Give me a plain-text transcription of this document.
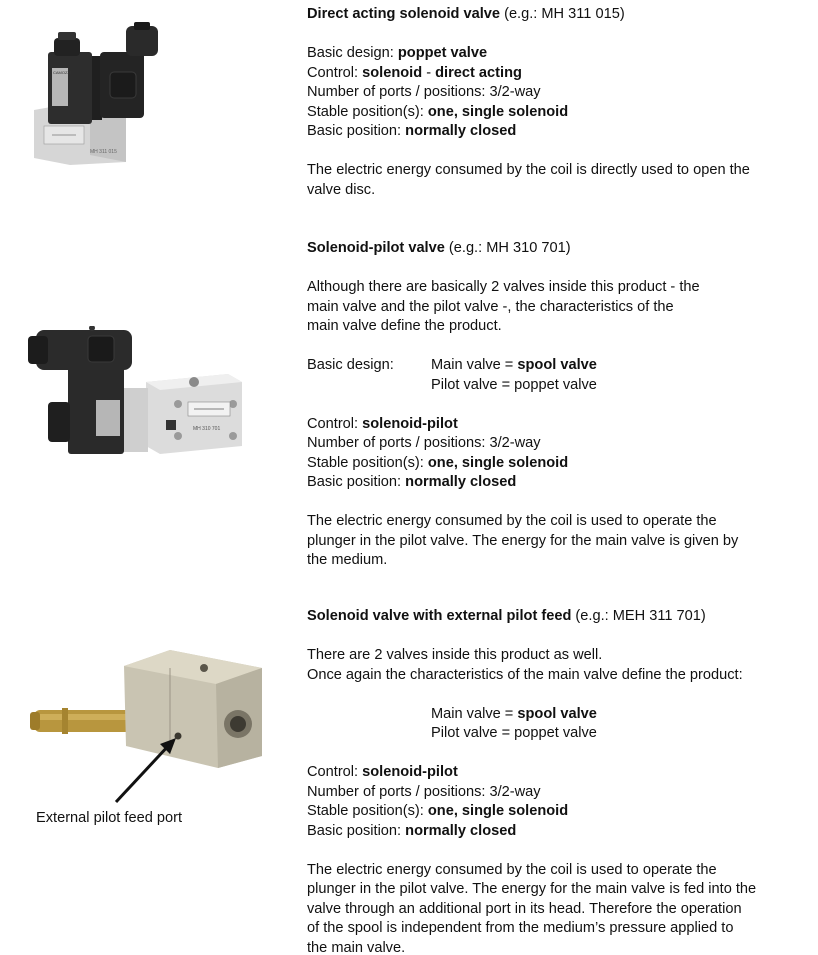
MH 311 015
CAMOZZI
MH 310 701
External pilot feed port

Direct acting solenoid valve (e.g.: MH 311 015)

Basic design: poppet valve

Control: solenoid - direct acting

Number of ports / positions: 3/2-way

Stable position(s): one, single solenoid

Basic position: normally closed

The electric energy consumed by the coil is directly used to open the

valve disc.

Solenoid-pilot valve (e.g.: MH 310 701)

Although there are basically 2 valves inside this product - the

main valve and the pilot valve -, the characteristics of the

main valve define the product.

Basic design:	Main valve = spool valve

Pilot valve = poppet valve

Control: solenoid-pilot

Number of ports / positions: 3/2-way

Stable position(s): one, single solenoid

Basic position: normally closed

The electric energy consumed by the coil is used to operate the

plunger in the pilot valve. The energy for the main valve is given by

the medium.

Solenoid valve with external pilot feed (e.g.: MEH 311 701)

There are 2 valves inside this product as well.

Once again the characteristics of the main valve define the product:

Main valve = spool valve

Pilot valve = poppet valve

Control: solenoid-pilot

Number of ports / positions: 3/2-way

Stable position(s): one, single solenoid

Basic position: normally closed

The electric energy consumed by the coil is used to operate the

plunger in the pilot valve. The energy for the main valve is fed into the

valve through an additional port in its head. Therefore the operation

of the spool is independent from the medium’s pressure applied to

the main valve.
